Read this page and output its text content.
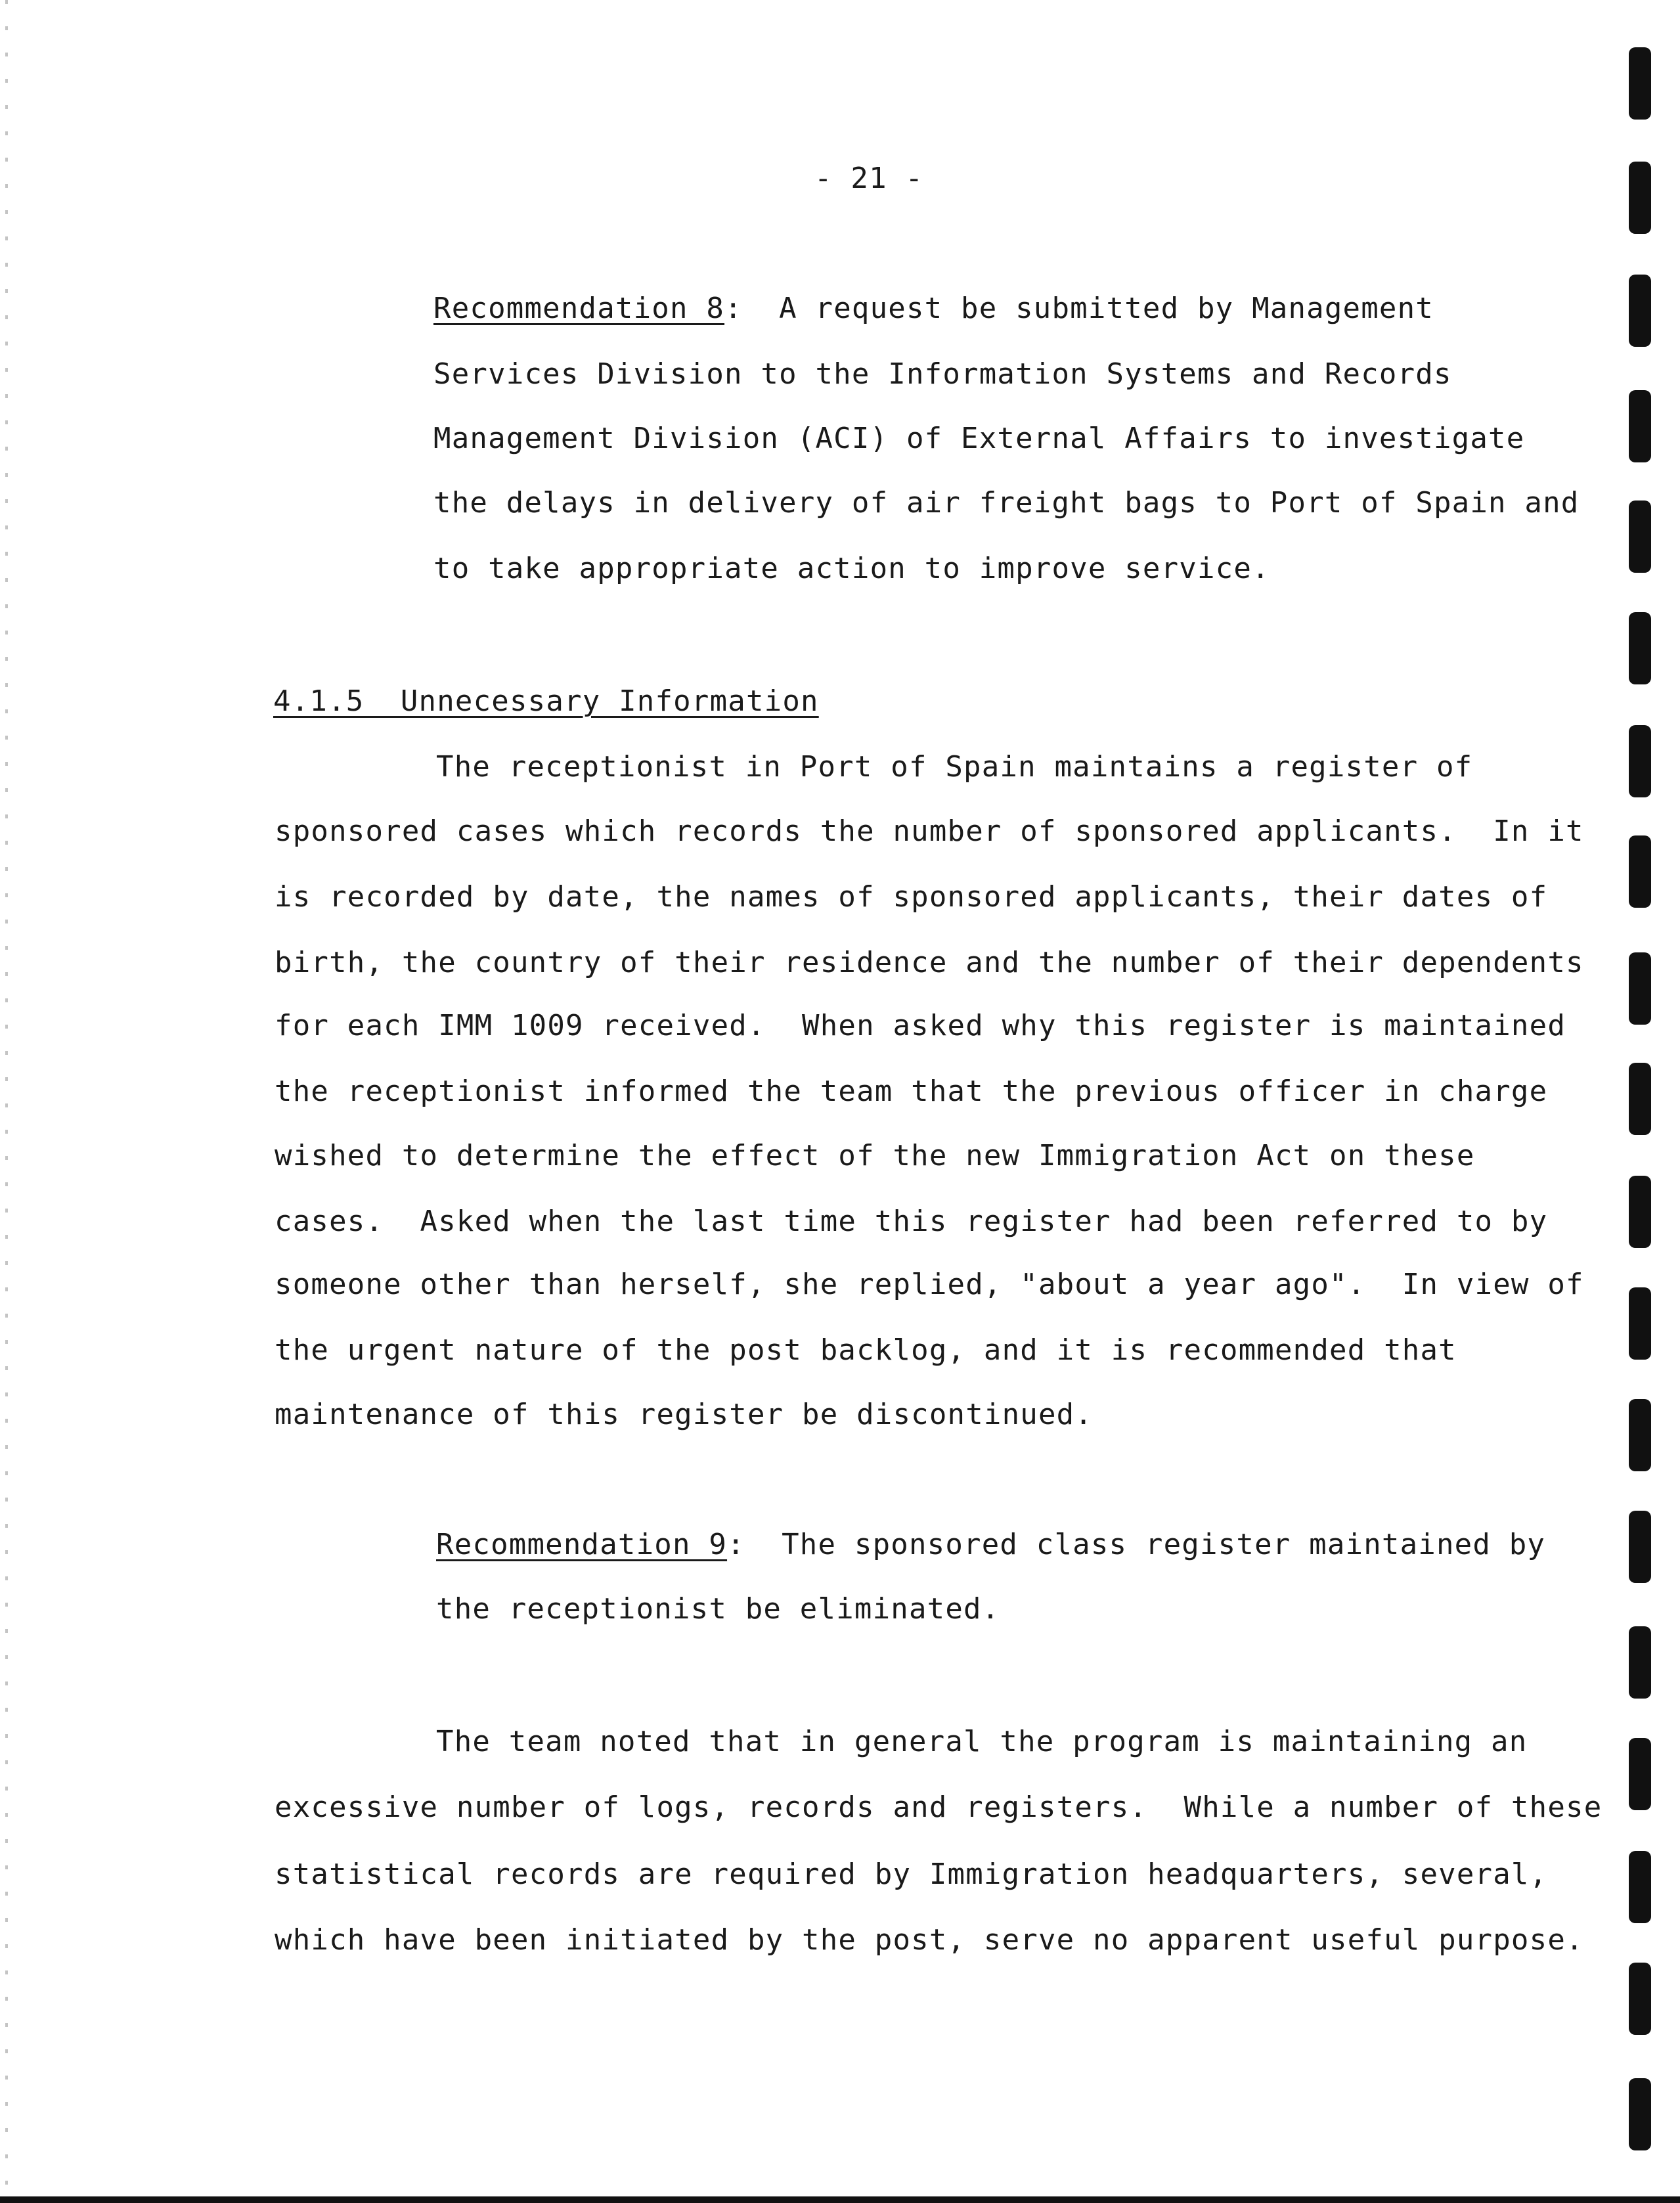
- 21 -
Recommendation 8:  A request be submitted by Management
Services Division to the Information Systems and Records
Management Division (ACI) of External Affairs to investigate
the delays in delivery of air freight bags to Port of Spain and
to take appropriate action to improve service.
4.1.5  Unnecessary Information
The receptionist in Port of Spain maintains a register of
sponsored cases which records the number of sponsored applicants.  In it
is recorded by date, the names of sponsored applicants, their dates of
birth, the country of their residence and the number of their dependents
for each IMM 1009 received.  When asked why this register is maintained
the receptionist informed the team that the previous officer in charge
wished to determine the effect of the new Immigration Act on these
cases.  Asked when the last time this register had been referred to by
someone other than herself, she replied, "about a year ago".  In view of
the urgent nature of the post backlog, and it is recommended that
maintenance of this register be discontinued.
Recommendation 9:  The sponsored class register maintained by
the receptionist be eliminated.
The team noted that in general the program is maintaining an
excessive number of logs, records and registers.  While a number of these
statistical records are required by Immigration headquarters, several,
which have been initiated by the post, serve no apparent useful purpose.
